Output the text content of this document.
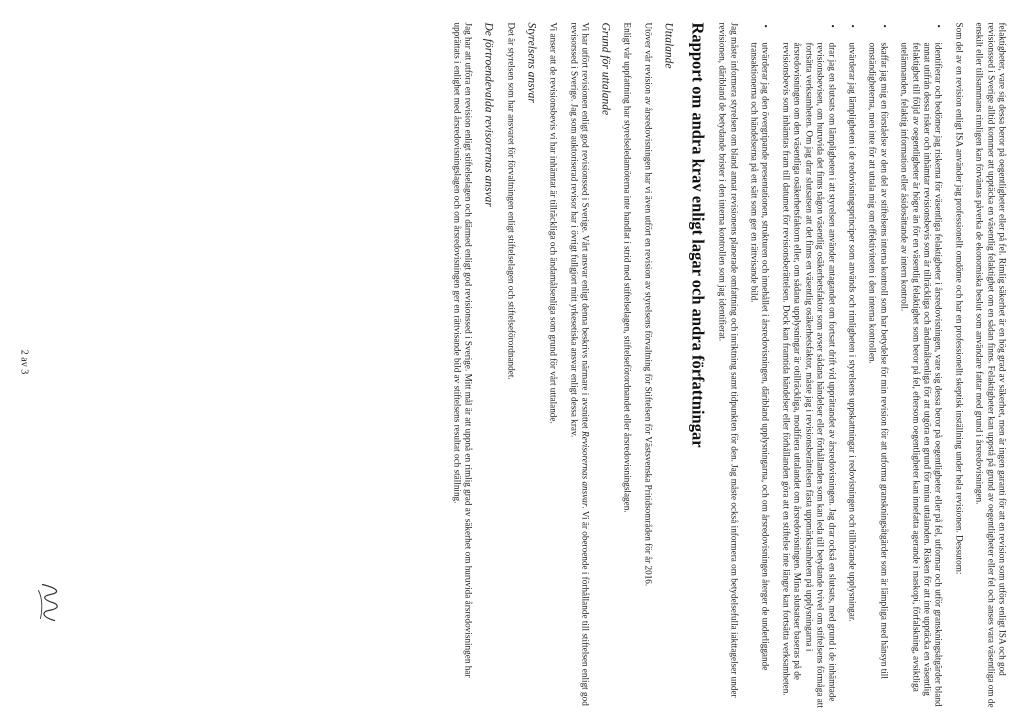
felaktigheter, vare sig dessa beror på oegentligheter eller på fel. Rimlig säkerhet är en hög grad av säkerhet, men är ingen garanti för att en revision som utförs enligt ISA och god revisionssed i Sverige alltid kommer att upptäcka en väsentlig felaktighet om en sådan finns. Felaktigheter kan uppstå på grund av oegentligheter eller fel och anses vara väsentliga om de enskilt eller tillsammans rimligen kan förväntas påverka de ekonomiska beslut som användare fattar med grund i årsredovisningen.

Som del av en revision enligt ISA använder jag professionellt omdöme och har en professionellt skeptisk inställning under hela revisionen. Dessutom:

•
identifierar och bedömer jag riskerna för väsentliga felaktigheter i årsredovisningen, vare sig dessa beror på oegentligheter eller på fel, utformar och utför granskningsåtgärder bland annat utifrån dessa risker och inhämtar revisionsbevis som är tillräckliga och ändamålsenliga för att utgöra en grund för mina uttalanden. Risken för att inte upptäcka en väsentlig felaktighet till följd av oegentligheter är högre än för en väsentlig felaktighet som beror på fel, eftersom oegentligheter kan innefatta agerande i maskopi, förfalskning, avsiktliga utelämnanden, felaktig information eller åsidosättande av intern kontroll.
•
skaffar jag mig en förståelse av den del av stiftelsens interna kontroll som har betydelse för min revision för att utforma granskningsåtgärder som är lämpliga med hänsyn till omständigheterna, men inte för att uttala mig om effektiviteten i den interna kontrollen.
•
utvärderar jag lämpligheten i de redovisningsprinciper som används och rimligheten i styrelsens uppskattningar i redovisningen och tillhörande upplysningar.
•
drar jag en slutsats om lämpligheten i att styrelsen använder antagandet om fortsatt drift vid upprättandet av årsredovisningen. Jag drar också en slutsats, med grund i de inhämtade revisionsbevisen, om huruvida det finns någon väsentlig osäkerhetsfaktor som avser sådana händelser eller förhållanden som kan leda till betydande tvivel om stiftelsens förmåga att fortsätta verksamheten. Om jag drar slutsatsen att det finns en väsentlig osäkerhetsfaktor, måste jag i revisionsberättelsen fästa uppmärksamheten på upplysningarna i årsredovisningen om den väsentliga osäkerhetsfaktorn eller, om sådana upplysningar är otillräckliga, modifiera uttalandet om årsredovisningen. Mina slutsatser baseras på de revisionsbevis som inhämtas fram till datumet för revisionsberättelsen. Dock kan framtida händelser eller förhållanden göra att en stiftelse inte längre kan fortsätta verksamheten.
•
utvärderar jag den övergripande presentationen, strukturen och innehållet i årsredovisningen, däribland upplysningarna, och om årsredovisningen återger de underliggande transaktionerna och händelserna på ett sätt som ger en rättvisande bild.

Jag måste informera styrelsen om bland annat revisionens planerade omfattning och inriktning samt tidpunkten för den. Jag måste också informera om betydelsefulla iakttagelser under revisionen, däribland de betydande brister i den interna kontrollen som jag identifierat.

Rapport om andra krav enligt lagar och andra författningar
Uttalande

Utöver vår revision av årsredovisningen har vi även utfört en revision av styrelsens förvaltning för Stiftelsen för Västsvenska Pritidsområden för år 2016.

Enligt vår uppfattning har styrelseledamöterna inte handlat i strid med stiftelselagen, stiftelseförordnandet eller årsredovisningslagen.

Grund för uttalande

Vi har utfört revisionen enligt god revisionssed i Sverige. Vårt ansvar enligt denna beskrivs närmare i avsnittet Revisorernas ansvar. Vi är oberoende i förhållande till stiftelsen enligt god revisorssed i Sverige. Jag som auktoriserad revisor har i övrigt fullgjort mitt yrkesetiska ansvar enligt dessa krav.

Vi anser att de revisionsbevis vi har inhämtat är tillräckliga och ändamålsenliga som grund för vårt uttalande.

Styrelsens ansvar

Det är styrelsen som har ansvaret för förvaltningen enligt stiftelselagen och stiftelseförordnandet.

De förtroendevalda revisorernas ansvar

Jag har att utföra en revision enligt stiftelselagen och därmed enligt god revisionssed i Sverige. Mitt mål är att uppnå en rimlig grad av säkerhet om huruvida årsredovisningen har upprättats i enlighet med årsredovisningslagen och om årsredovisningen ger en rättvisande bild av stiftelsens resultat och ställning.

2 av 3
